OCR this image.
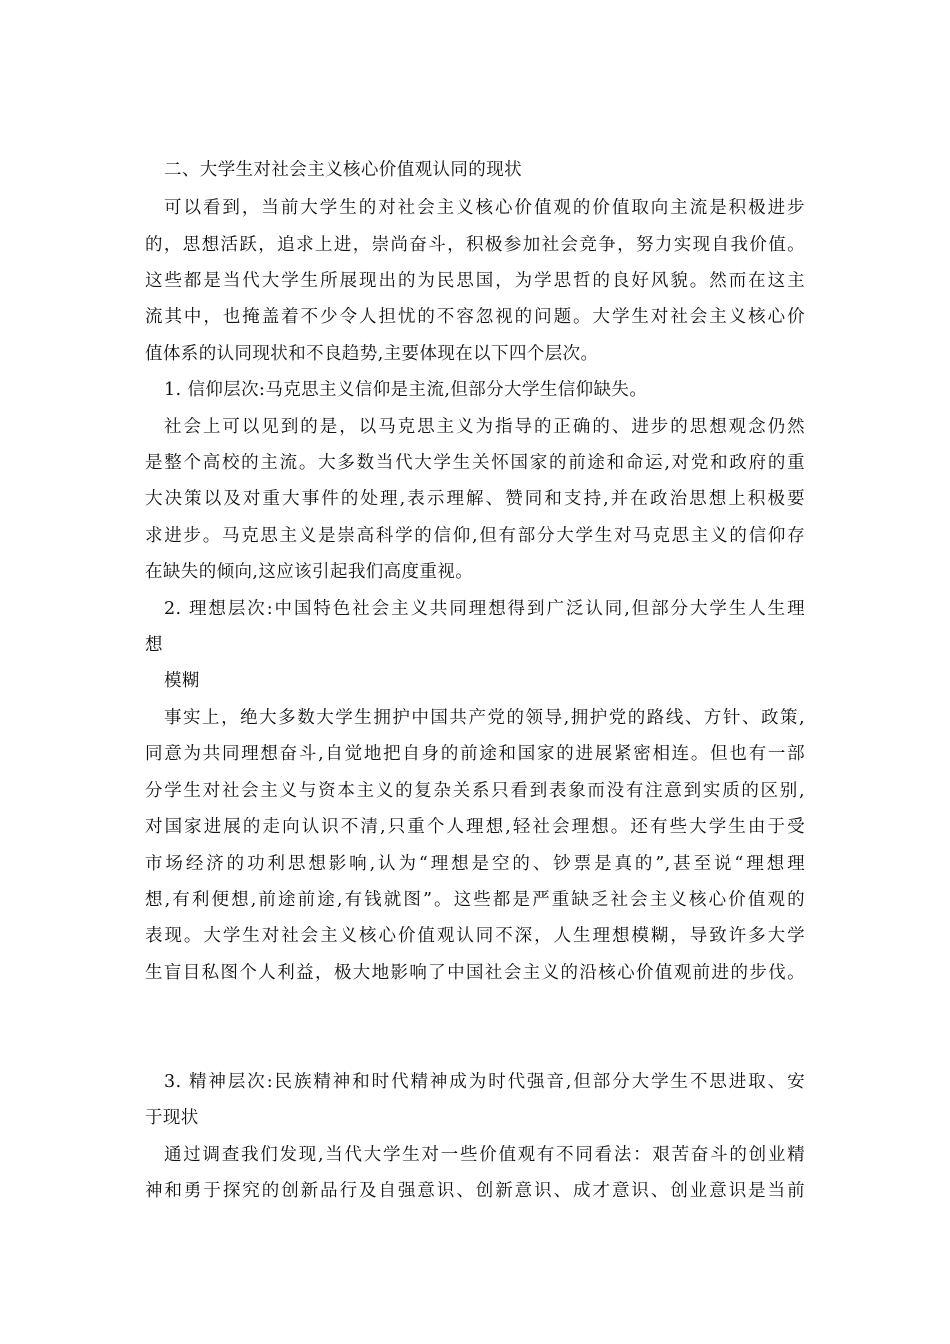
二、大学生对社会主义核心价值观认同的现状
可以看到，当前大学生的对社会主义核心价值观的价值取向主流是积极进步
的，思想活跃，追求上进，崇尚奋斗，积极参加社会竞争，努力实现自我价值。
这些都是当代大学生所展现出的为民思国，为学思哲的良好风貌。然而在这主
流其中，也掩盖着不少令人担忧的不容忽视的问题。大学生对社会主义核心价
值体系的认同现状和不良趋势,主要体现在以下四个层次。
1. 信仰层次:马克思主义信仰是主流,但部分大学生信仰缺失。
社会上可以见到的是，以马克思主义为指导的正确的、进步的思想观念仍然
是整个高校的主流。大多数当代大学生关怀国家的前途和命运,对党和政府的重
大决策以及对重大事件的处理,表示理解、赞同和支持,并在政治思想上积极要
求进步。马克思主义是崇高科学的信仰,但有部分大学生对马克思主义的信仰存
在缺失的倾向,这应该引起我们高度重视。
2. 理想层次:中国特色社会主义共同理想得到广泛认同,但部分大学生人生理
想
模糊
事实上，绝大多数大学生拥护中国共产党的领导,拥护党的路线、方针、政策,
同意为共同理想奋斗,自觉地把自身的前途和国家的进展紧密相连。但也有一部
分学生对社会主义与资本主义的复杂关系只看到表象而没有注意到实质的区别,
对国家进展的走向认识不清,只重个人理想,轻社会理想。还有些大学生由于受
市场经济的功利思想影响,认为“理想是空的、钞票是真的”,甚至说“理想理
想,有利便想,前途前途,有钱就图”。这些都是严重缺乏社会主义核心价值观的
表现。大学生对社会主义核心价值观认同不深，人生理想模糊，导致许多大学
生盲目私图个人利益，极大地影响了中国社会主义的沿核心价值观前进的步伐。
3. 精神层次:民族精神和时代精神成为时代强音,但部分大学生不思进取、安
于现状
通过调查我们发现,当代大学生对一些价值观有不同看法：艰苦奋斗的创业精
神和勇于探究的创新品行及自强意识、创新意识、成才意识、创业意识是当前
